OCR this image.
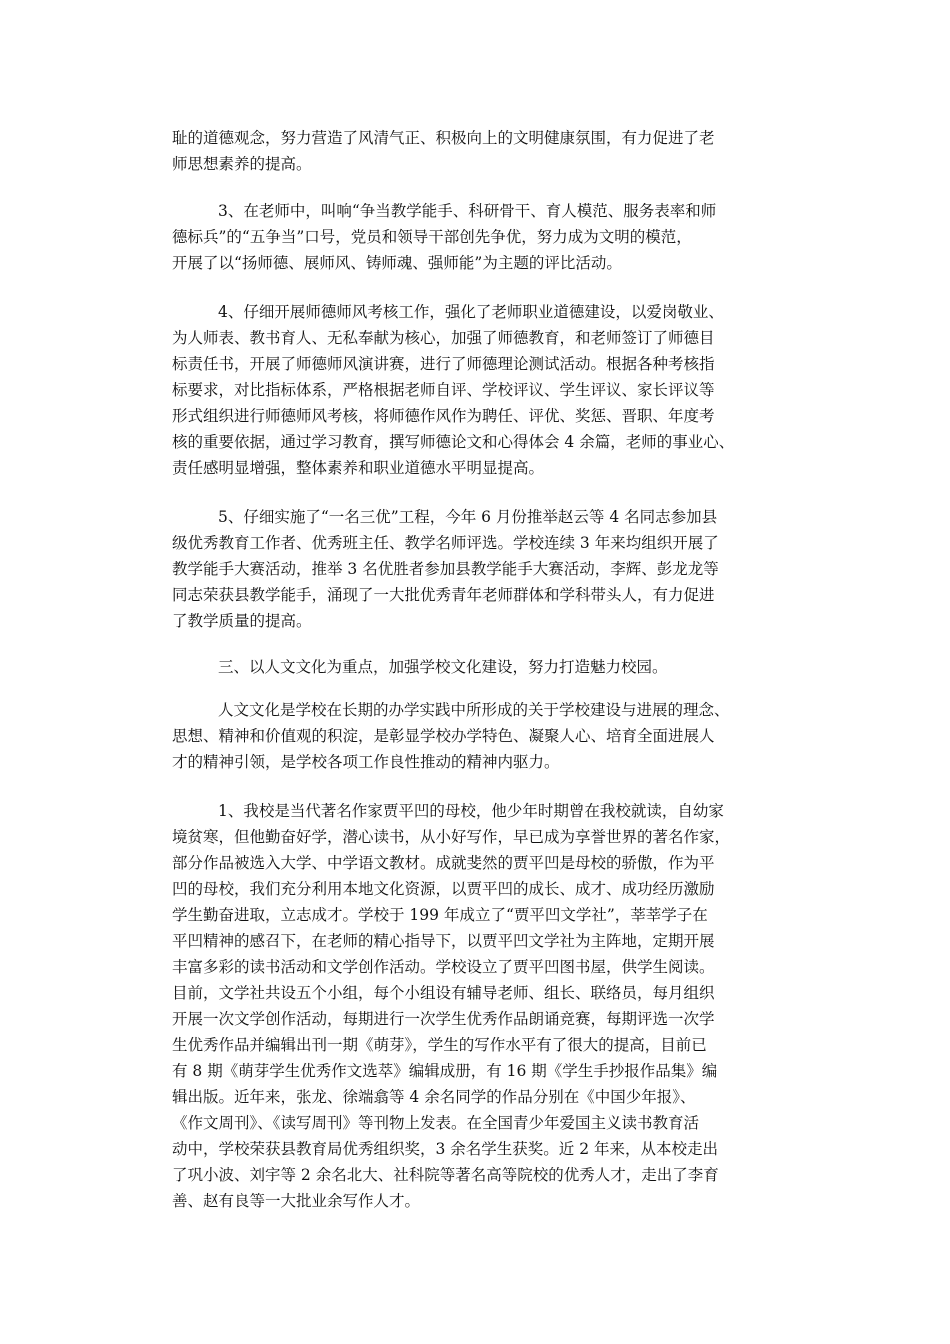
耻的道德观念，努力营造了风清气正、积极向上的文明健康氛围，有力促进了老
师思想素养的提高。
3、在老师中，叫响“争当教学能手、科研骨干、育人模范、服务表率和师
德标兵”的“五争当”口号，党员和领导干部创先争优，努力成为文明的模范，
开展了以“扬师德、展师风、铸师魂、强师能”为主题的评比活动。
4、仔细开展师德师风考核工作，强化了老师职业道德建设，以爱岗敬业、
为人师表、教书育人、无私奉献为核心，加强了师德教育，和老师签订了师德目
标责任书，开展了师德师风演讲赛，进行了师德理论测试活动。根据各种考核指
标要求，对比指标体系，严格根据老师自评、学校评议、学生评议、家长评议等
形式组织进行师德师风考核，将师德作风作为聘任、评优、奖惩、晋职、年度考
核的重要依据，通过学习教育，撰写师德论文和心得体会 4 余篇，老师的事业心、
责任感明显增强，整体素养和职业道德水平明显提高。
5、仔细实施了“一名三优”工程，今年 6 月份推举赵云等 4 名同志参加县
级优秀教育工作者、优秀班主任、教学名师评选。学校连续 3 年来均组织开展了
教学能手大赛活动，推举 3 名优胜者参加县教学能手大赛活动，李辉、彭龙龙等
同志荣获县教学能手，涌现了一大批优秀青年老师群体和学科带头人，有力促进
了教学质量的提高。
三、以人文文化为重点，加强学校文化建设，努力打造魅力校园。
人文文化是学校在长期的办学实践中所形成的关于学校建设与进展的理念、
思想、精神和价值观的积淀，是彰显学校办学特色、凝聚人心、培育全面进展人
才的精神引领，是学校各项工作良性推动的精神内驱力。
1、我校是当代著名作家贾平凹的母校，他少年时期曾在我校就读，自幼家
境贫寒，但他勤奋好学，潜心读书，从小好写作，早已成为享誉世界的著名作家，
部分作品被选入大学、中学语文教材。成就斐然的贾平凹是母校的骄傲，作为平
凹的母校，我们充分利用本地文化资源，以贾平凹的成长、成才、成功经历激励
学生勤奋进取，立志成才。学校于 199 年成立了“贾平凹文学社”，莘莘学子在
平凹精神的感召下，在老师的精心指导下，以贾平凹文学社为主阵地，定期开展
丰富多彩的读书活动和文学创作活动。学校设立了贾平凹图书屋，供学生阅读。
目前，文学社共设五个小组，每个小组设有辅导老师、组长、联络员，每月组织
开展一次文学创作活动，每期进行一次学生优秀作品朗诵竞赛，每期评选一次学
生优秀作品并编辑出刊一期《萌芽》，学生的写作水平有了很大的提高，目前已
有 8 期《萌芽学生优秀作文选萃》编辑成册，有 16 期《学生手抄报作品集》编
辑出版。近年来，张龙、徐端翕等 4 余名同学的作品分别在《中国少年报》、
《作文周刊》、《读写周刊》等刊物上发表。在全国青少年爱国主义读书教育活
动中，学校荣获县教育局优秀组织奖，3 余名学生获奖。近 2 年来，从本校走出
了巩小波、刘宇等 2 余名北大、社科院等著名高等院校的优秀人才，走出了李育
善、赵有良等一大批业余写作人才。
